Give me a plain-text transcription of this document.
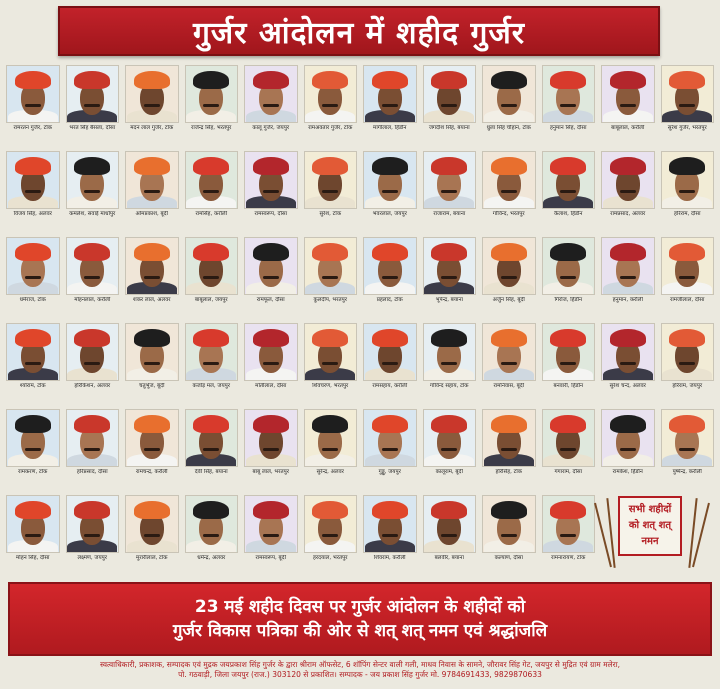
गुर्जर आंदोलन में शहीद गुर्जर
रामरतन गुर्जर, टोंक	भरत सिंह बैंसला, दौसा	मदन लाल गुर्जर, टोंक	राजेन्द्र सिंह, भरतपुर	कालू गुर्जर, जयपुर	रामअवतार गुर्जर, टोंक	मांगीलाल, हिंडौन	जगदीश सिंह, बयाना	धुला सिंह चौहान, टोंक	हनुमान सिंह, दौसा	बाबूलाल, करौली	सुरेश गुर्जर, भरतपुर
विजय सिंह, अलवर	कमलेश, सवाई माधोपुर	ओमप्रकाश, बूंदी	रामसिंह, करौली	रामस्वरूप, दौसा	सुरेश, टोंक	भंवरलाल, जयपुर	राजाराम, बयाना	गोविन्द, भरतपुर	कैलाश, हिंडौन	रामप्रसाद, अलवर	हरिराम, दौसा
धर्मराज, टोंक	मोहनलाल, करौली	शंकर लाल, अलवर	बाबूलाल, जयपुर	रामफूल, दौसा	कुलदीप, भरतपुर	प्रहलाद, टोंक	भूपेन्द्र, बयाना	अर्जुन सिंह, बूंदी	गिर्राज, हिंडौन	हनुमान, करौली	रामजीलाल, दौसा
श्योराम, टोंक	हरिकिशन, अलवर	चतुर्भुज, बूंदी	कजोड़ मल, जयपुर	मोतीलाल, दौसा	शिवचरण, भरतपुर	रामसहाय, करौली	गोविन्द सहाय, टोंक	रामनिवास, बूंदी	बनवारी, हिंडौन	सुरेश चन्द, अलवर	हरिराम, जयपुर
रामकरण, टोंक	हरिप्रसाद, दौसा	रामचन्द्र, करौली	देवी सिंह, बयाना	बाबू लाल, भरतपुर	सुरेन्द्र, अलवर	गुड्डू, जयपुर	कालूराम, बूंदी	हरिसिंह, टोंक	गंगाराम, दौसा	रामकेश, हिंडौन	पुष्पेन्द्र, करौली
मोहन सिंह, दौसा	लक्ष्मण, जयपुर	मुरारीलाल, टोंक	धर्मेन्द्र, अलवर	रामस्वरूप, बूंदी	हरदयाल, भरतपुर	शिवराम, करौली	बलवीर, बयाना	कल्याण, दौसा	रामनारायण, टोंक
सभी शहीदों
को शत् शत्
नमन
23 मई शहीद दिवस पर गुर्जर आंदोलन के शहीदों को
गुर्जर विकास पत्रिका की ओर से शत् शत् नमन एवं श्रद्धांजलि
स्वत्वाधिकारी, प्रकाशक, सम्पादक एवं मुद्रक जयप्रकाश सिंह गुर्जर के द्वारा श्रीराम ऑफसेट, 6 शॉपिंग सेन्टर वाली गली, माधव निवास के सामने, जौरावर सिंह गेट, जयपुर से मुद्रित एवं ग्राम मलेरा,
पो. गठवाड़ी, जिला जयपुर (राज.) 303120 से प्रकाशित। सम्पादक - जय प्रकाश सिंह गुर्जर मो. 9784691433, 9829870633
